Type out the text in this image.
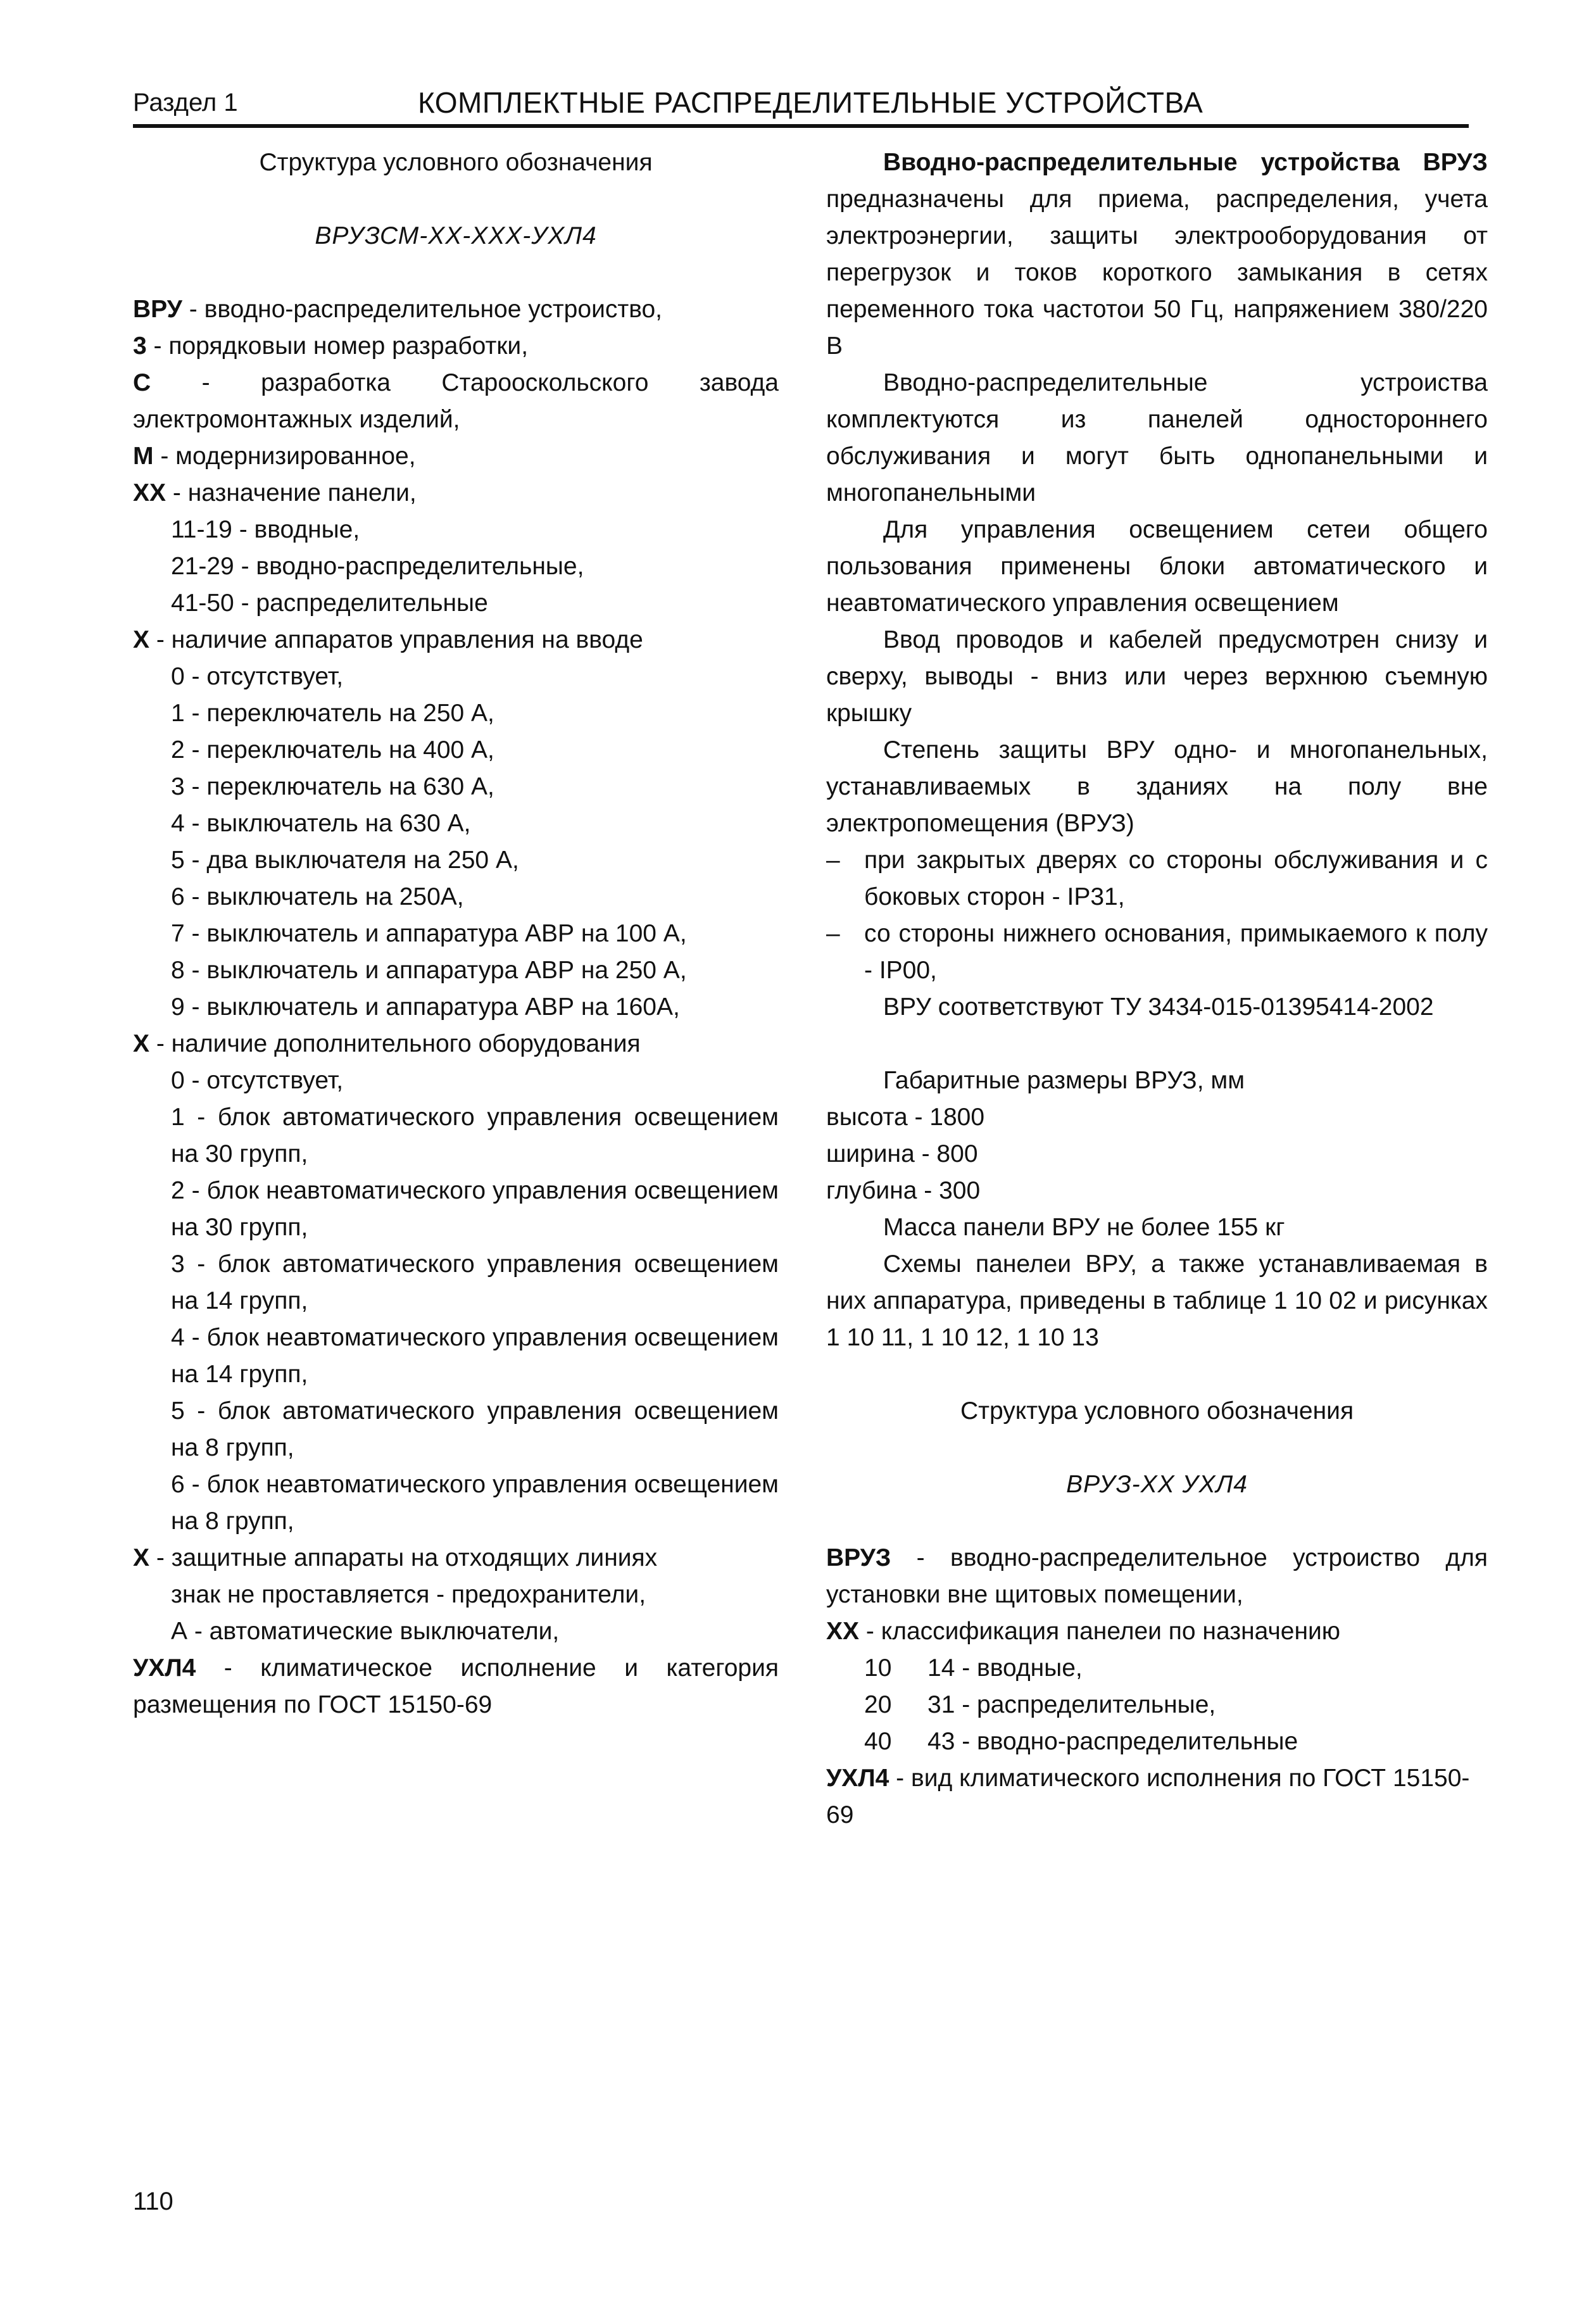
Раздел 1	КОМПЛЕКТНЫЕ РАСПРЕДЕЛИТЕЛЬНЫЕ УСТРОЙСТВА
Структура условного обозначения
ВРУЗСМ-ХХ-ХХХ-УХЛ4
ВРУ - вводно-распределительное устроиство,
3 - порядковыи номер разработки,
С - разработка Старооскольского завода электромонтажных изделий,
М - модернизированное,
ХХ - назначение панели,
11-19 - вводные,
21-29 - вводно-распределительные,
41-50 - распределительные
Х - наличие аппаратов управления на вводе
0 - отсутствует,
1 - переключатель на 250 А,
2 - переключатель на 400 А,
3 - переключатель на 630 А,
4 - выключатель на 630 А,
5 - два выключателя на 250 А,
6 - выключатель на 250А,
7 - выключатель и аппаратура АВР на 100 А,
8 - выключатель и аппаратура АВР на 250 А,
9 - выключатель и аппаратура АВР на 160А,
Х - наличие дополнительного оборудования
0 - отсутствует,
1 - блок автоматического управления освещением на 30 групп,
2 - блок неавтоматического управления освещением на 30 групп,
3 - блок автоматического управления освещением на 14 групп,
4 - блок неавтоматического управления освещением на 14 групп,
5 - блок автоматического управления освещением на 8 групп,
6 - блок неавтоматического управления освещением на 8 групп,
Х - защитные аппараты на отходящих линиях
знак не проставляется - предохранители,
А - автоматические выключатели,
УХЛ4 - климатическое исполнение и категория размещения по ГОСТ 15150-69
Вводно-распределительные устройства ВРУЗ предназначены для приема, распределения, учета электроэнергии, защиты электрооборудования от перегрузок и токов короткого замыкания в сетях переменного тока частотои 50 Гц, напряжением 380/220 В
Вводно-распределительные устроиства комплектуются из панелей одностороннего обслуживания и могут быть однопанельными и многопанельными
Для управления освещением сетеи общего пользования применены блоки автоматического и неавтоматического управления освещением
Ввод проводов и кабелей предусмотрен снизу и сверху, выводы - вниз или через верхнюю съемную крышку
Степень защиты ВРУ одно- и многопанельных, устанавливаемых в зданиях на полу вне электропомещения (ВРУЗ)
– при закрытых дверях со стороны обслуживания и с боковых сторон - IP31,
– со стороны нижнего основания, примыкаемого к полу - IP00,
ВРУ соответствуют ТУ 3434-015-01395414-2002
Габаритные размеры ВРУЗ, мм
высота - 1800
ширина - 800
глубина - 300
Масса панели ВРУ не более 155 кг
Схемы панелеи ВРУ, а также устанавливаемая в них аппаратура, приведены в таблице 1 10 02 и рисунках 1 10 11, 1 10 12, 1 10 13
Структура условного обозначения
ВРУЗ-ХХ УХЛ4
ВРУЗ - вводно-распределительное устроиство для установки вне щитовых помещении,
ХХ - классификация панелеи по назначению
10	14 - вводные,
20	31 - распределительные,
40	43 - вводно-распределительные
УХЛ4 - вид климатического исполнения по ГОСТ 15150-69
110
